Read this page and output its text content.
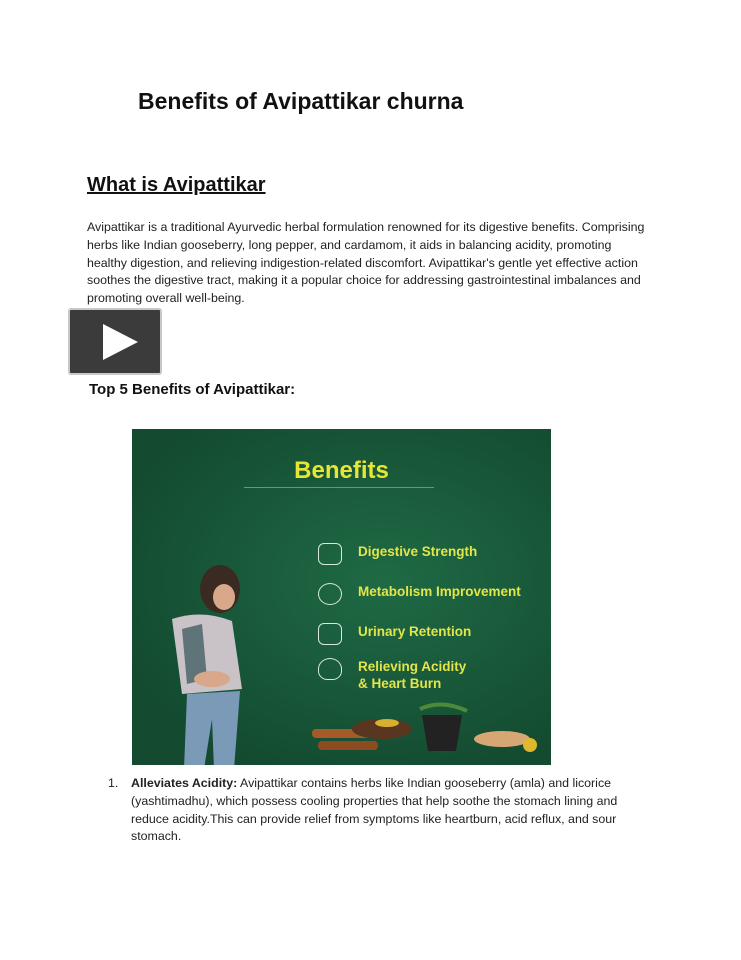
Benefits of Avipattikar churna
What is Avipattikar
Avipattikar is a traditional Ayurvedic herbal formulation renowned for its digestive benefits. Comprising herbs like Indian gooseberry, long pepper, and cardamom, it aids in balancing acidity, promoting healthy digestion, and relieving indigestion-related discomfort. Avipattikar's gentle yet effective action soothes the digestive tract, making it a popular choice for addressing gastrointestinal imbalances and promoting overall well-being.
Top 5 Benefits of Avipattikar:
Benefits
Digestive Strength
Metabolism Improvement
Urinary Retention
Relieving Acidity & Heart Burn
1. Alleviates Acidity: Avipattikar contains herbs like Indian gooseberry (amla) and licorice (yashtimadhu), which possess cooling properties that help soothe the stomach lining and reduce acidity.This can provide relief from symptoms like heartburn, acid reflux, and sour stomach.
